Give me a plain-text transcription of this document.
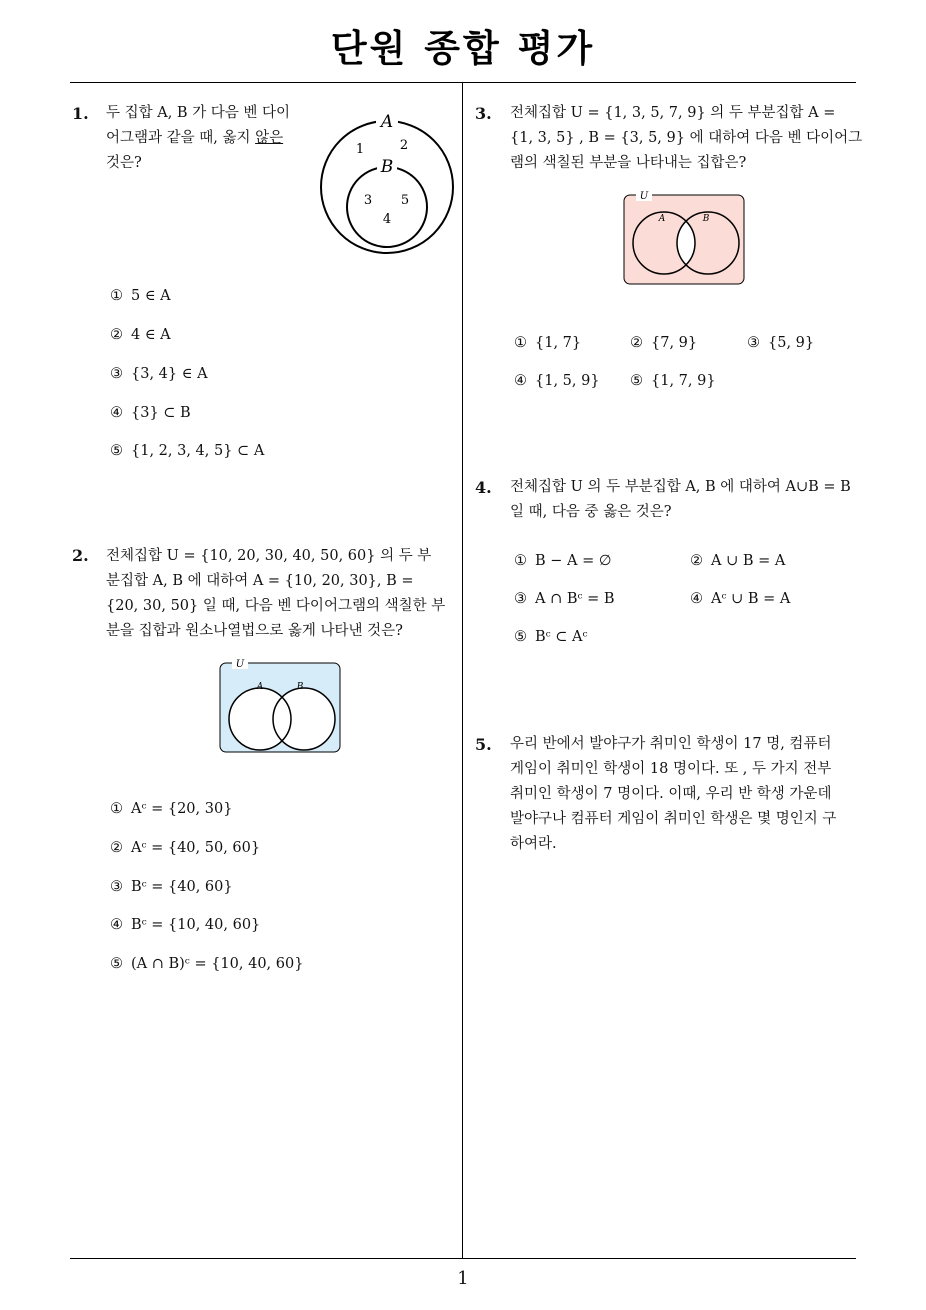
단원 종합 평가
1
1. 두 집합 A, B 가 다음 벤 다이
어그램과 같을 때, 옳지 않은
것은?
A
1	2
B
3 5
4
① 5 ∈ A
② 4 ∈ A
③ {3, 4} ∈ A
④ {3} ⊂ B
⑤ {1, 2, 3, 4, 5} ⊂ A
2. 전체집합 U = {10, 20, 30, 40, 50, 60} 의 두 부
분집합 A, B 에 대하여 A = {10, 20, 30}, B =
{20, 30, 50} 일 때, 다음 벤 다이어그램의 색칠한 부
분을 집합과 원소나열법으로 옳게 나타낸 것은?
U
A	B
① Aᶜ = {20, 30}
② Aᶜ = {40, 50, 60}
③ Bᶜ = {40, 60}
④ Bᶜ = {10, 40, 60}
⑤ (A ∩ B)ᶜ = {10, 40, 60}
3. 전체집합 U = {1, 3, 5, 7, 9} 의 두 부분집합 A =
{1, 3, 5} , B = {3, 5, 9} 에 대하여 다음 벤 다이어그
램의 색칠된 부분을 나타내는 집합은?
U
A	B
① {1, 7}	② {7, 9}	③ {5, 9}
④ {1, 5, 9} ⑤ {1, 7, 9}
4. 전체집합 U 의 두 부분집합 A, B 에 대하여 A∪B = B
일 때, 다음 중 옳은 것은?
① B − A = ∅	② A ∪ B = A
③ A ∩ Bᶜ = B	④ Aᶜ ∪ B = A
⑤ Bᶜ ⊂ Aᶜ
5. 우리 반에서 발야구가 취미인 학생이 17 명, 컴퓨터
게임이 취미인 학생이 18 명이다. 또 , 두 가지 전부
취미인 학생이 7 명이다. 이때, 우리 반 학생 가운데
발야구나 컴퓨터 게임이 취미인 학생은 몇 명인지 구
하여라.
